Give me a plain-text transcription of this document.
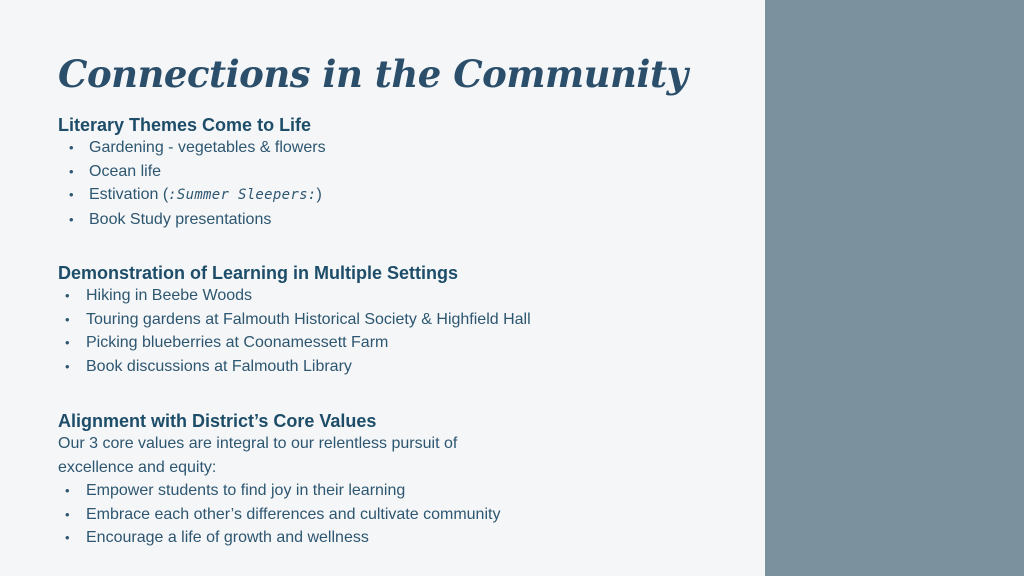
Connections in the Community
Literary Themes Come to Life
• Gardening - vegetables & flowers
• Ocean life
• Estivation (:Summer Sleepers:)
• Book Study presentations
Demonstration of Learning in Multiple Settings
• Hiking in Beebe Woods
• Touring gardens at Falmouth Historical Society & Highfield Hall
• Picking blueberries at Coonamessett Farm
• Book discussions at Falmouth Library
Alignment with District’s Core Values
Our 3 core values are integral to our relentless pursuit of
excellence and equity:
• Empower students to find joy in their learning
• Embrace each other’s differences and cultivate community
• Encourage a life of growth and wellness
